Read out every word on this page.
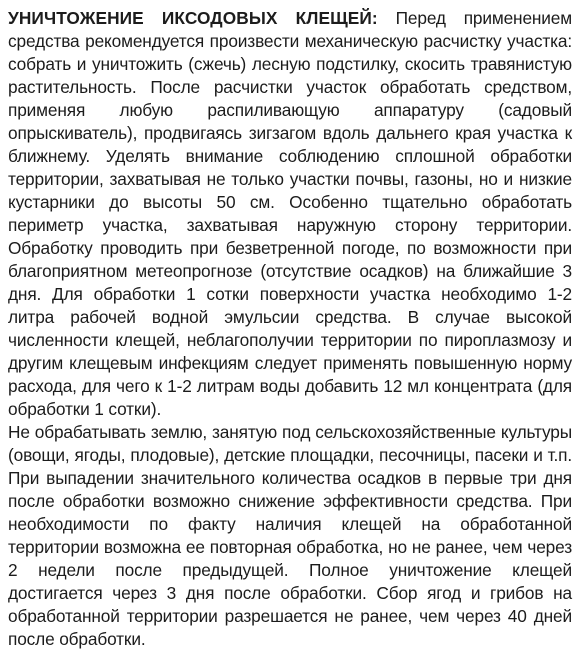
УНИЧТОЖЕНИЕ ИКСОДОВЫХ КЛЕЩЕЙ: Перед применением средства рекомендуется произвести механическую расчистку участка: собрать и уничтожить (сжечь) лесную подстилку, скосить травянистую растительность. После расчистки участок обработать средством, применяя любую распиливающую аппаратуру (садовый опрыскиватель), продвигаясь зигзагом вдоль дальнего края участка к ближнему. Уделять внимание соблюдению сплошной обработки территории, захватывая не только участки почвы, газоны, но и низкие кустарники до высоты 50 см. Особенно тщательно обработать периметр участка, захватывая наружную сторону территории. Обработку проводить при безветренной погоде, по возможности при благоприятном метеопрогнозе (отсутствие осадков) на ближайшие 3 дня. Для обработки 1 сотки поверхности участка необходимо 1-2 литра рабочей водной эмульсии средства. В случае высокой численности клещей, неблагополучии территории по пироплазмозу и другим клещевым инфекциям следует применять повышенную норму расхода, для чего к 1-2 литрам воды добавить 12 мл концентрата (для обработки 1 сотки).

Не обрабатывать землю, занятую под сельскохозяйственные культуры (овощи, ягоды, плодовые), детские площадки, песочницы, пасеки и т.п. При выпадении значительного количества осадков в первые три дня после обработки возможно снижение эффективности средства. При необходимости по факту наличия клещей на обработанной территории возможна ее повторная обработка, но не ранее, чем через 2 недели после предыдущей. Полное уничтожение клещей достигается через 3 дня после обработки. Сбор ягод и грибов на обработанной территории разрешается не ранее, чем через 40 дней после обработки.
